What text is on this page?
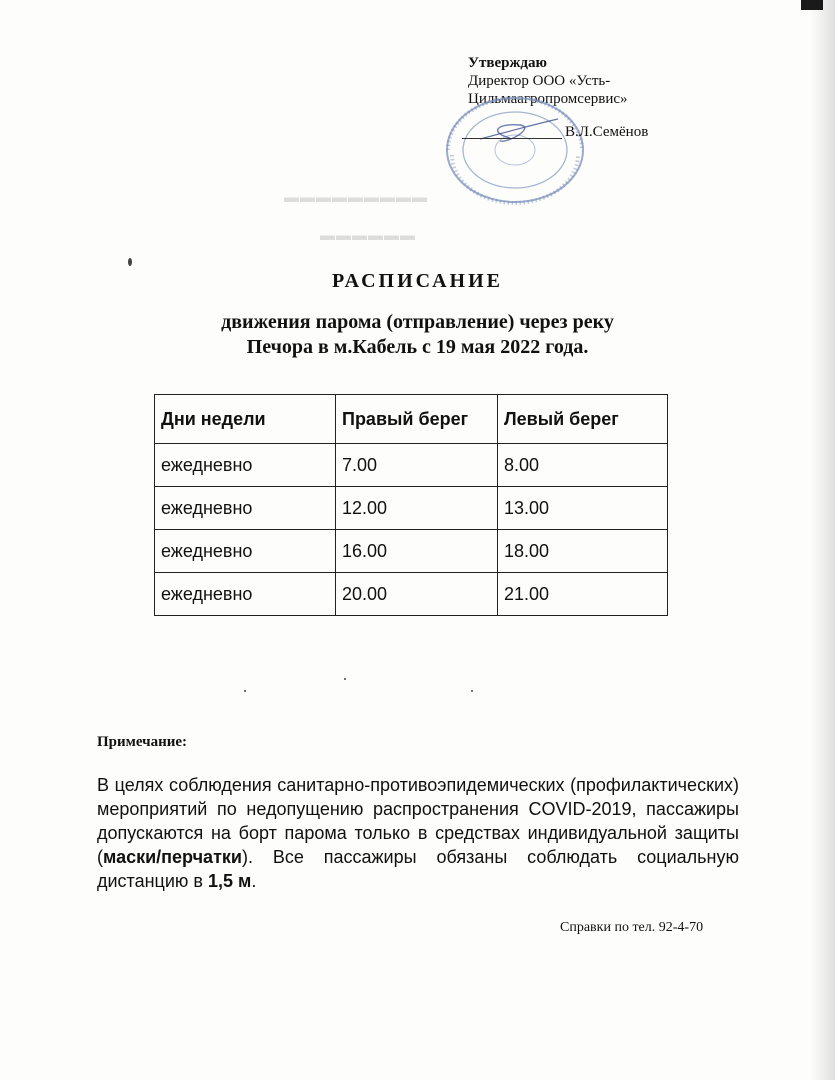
▬▬▬▬▬▬▬▬▬
▬▬▬▬▬▬
Утверждаю
Директор ООО «Усть-
Цильмаагропромсервис»
В.Л.Семёнов
РАСПИСАНИЕ
движения парома (отправление) через реку
Печора в м.Кабель с 19 мая 2022 года.
Дни недели	Правый берег	Левый берег
ежедневно	7.00	8.00
ежедневно	12.00	13.00
ежедневно	16.00	18.00
ежедневно	20.00	21.00
Примечание:
В целях соблюдения санитарно-противоэпидемических (профилактических) мероприятий по недопущению распространения COVID-2019, пассажиры допускаются на борт парома только в средствах индивидуальной защиты (маски/перчатки). Все пассажиры обязаны соблюдать социальную дистанцию в 1,5 м.
Справки по тел. 92-4-70
